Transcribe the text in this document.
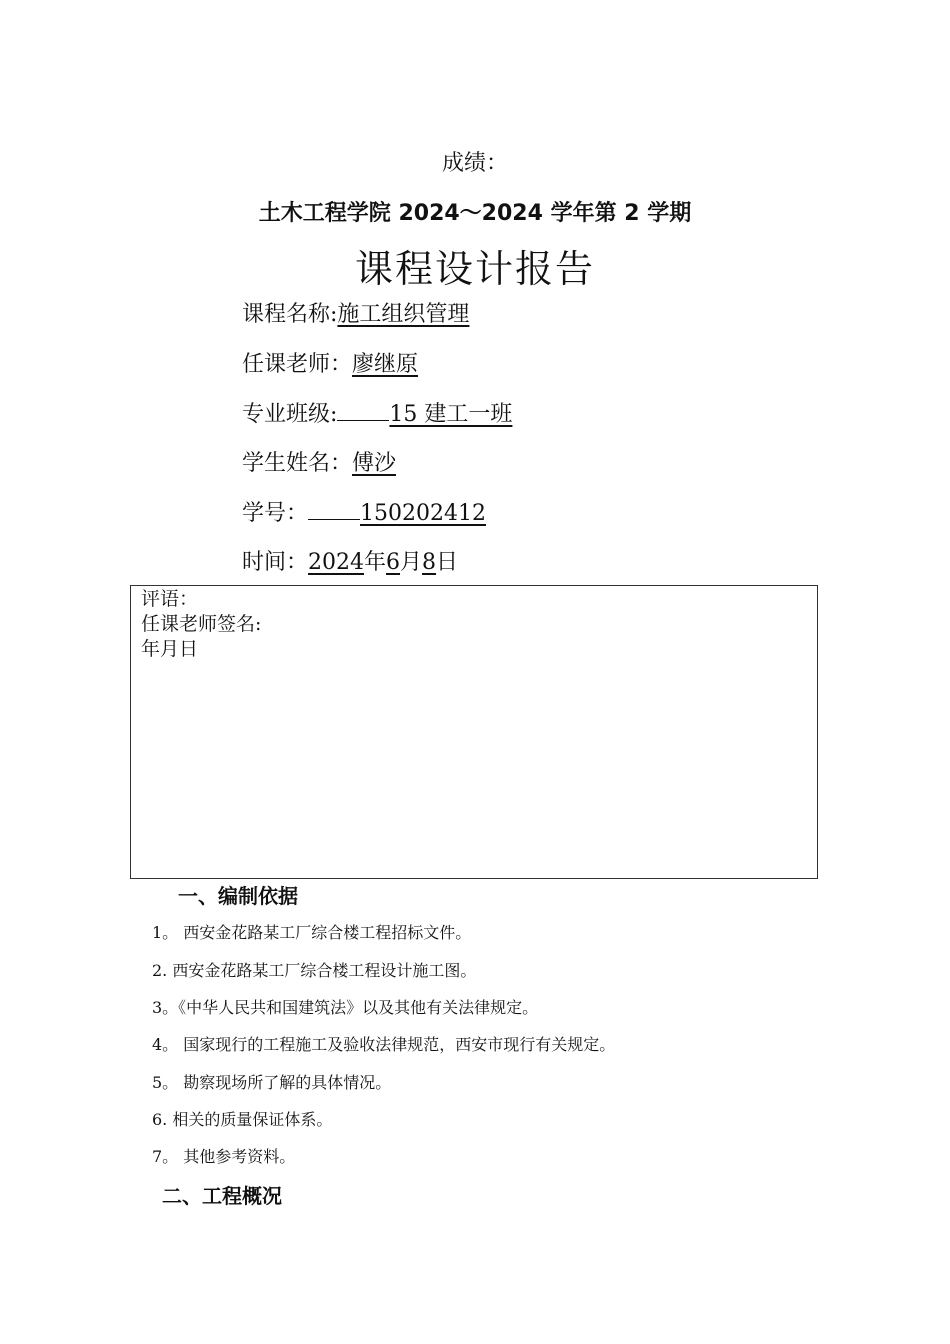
成绩：
土木工程学院 2024～2024 学年第 2 学期
课程设计报告
课程名称:施工组织管理
任课老师：廖继原
专业班级: 15 建工一班
学生姓名：傅沙
学号： 150202412
时间：2024年6月8日
评语：
任课老师签名:
年月日
一、编制依据
1。 西安金花路某工厂综合楼工程招标文件。
2. 西安金花路某工厂综合楼工程设计施工图。
3。《中华人民共和国建筑法》以及其他有关法律规定。
4。 国家现行的工程施工及验收法律规范，西安市现行有关规定。
5。 勘察现场所了解的具体情况。
6. 相关的质量保证体系。
7。 其他参考资料。
二、工程概况
